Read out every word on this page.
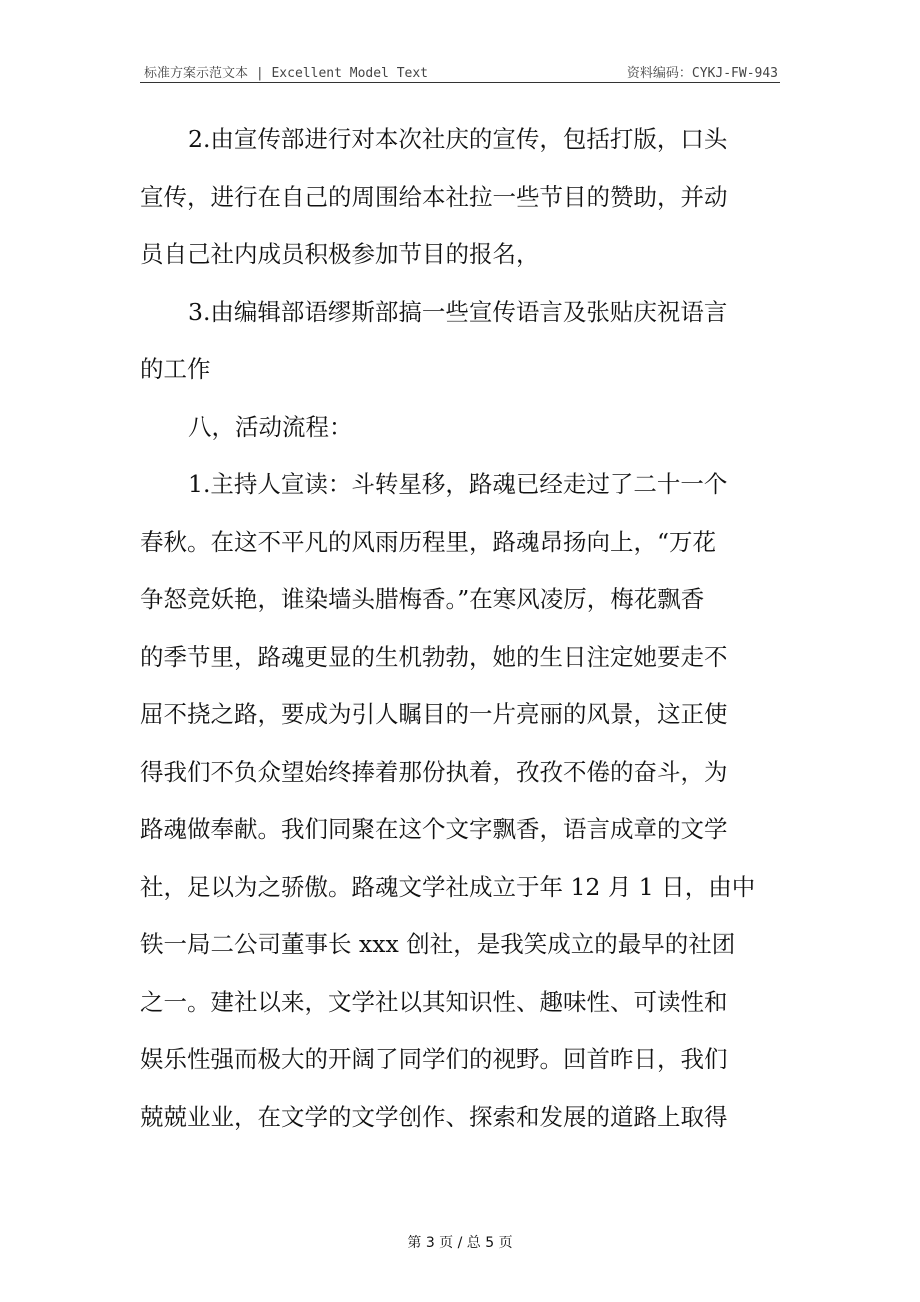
标准方案示范文本 | Excellent Model Text	资料编码：CYKJ-FW-943
2.由宣传部进行对本次社庆的宣传，包括打版，口头
宣传，进行在自己的周围给本社拉一些节目的赞助，并动
员自己社内成员积极参加节目的报名，
3.由编辑部语缪斯部搞一些宣传语言及张贴庆祝语言
的工作
八，活动流程：
1.主持人宣读：斗转星移，路魂已经走过了二十一个
春秋。在这不平凡的风雨历程里，路魂昂扬向上，“万花
争怒竞妖艳，谁染墙头腊梅香。”在寒风凌厉，梅花飘香
的季节里，路魂更显的生机勃勃，她的生日注定她要走不
屈不挠之路，要成为引人瞩目的一片亮丽的风景，这正使
得我们不负众望始终捧着那份执着，孜孜不倦的奋斗，为
路魂做奉献。我们同聚在这个文字飘香，语言成章的文学
社，足以为之骄傲。路魂文学社成立于年 12 月 1 日，由中
铁一局二公司董事长 xxx 创社，是我笑成立的最早的社团
之一。建社以来，文学社以其知识性、趣味性、可读性和
娱乐性强而极大的开阔了同学们的视野。回首昨日，我们
兢兢业业，在文学的文学创作、探索和发展的道路上取得
第 3 页 / 总 5 页
